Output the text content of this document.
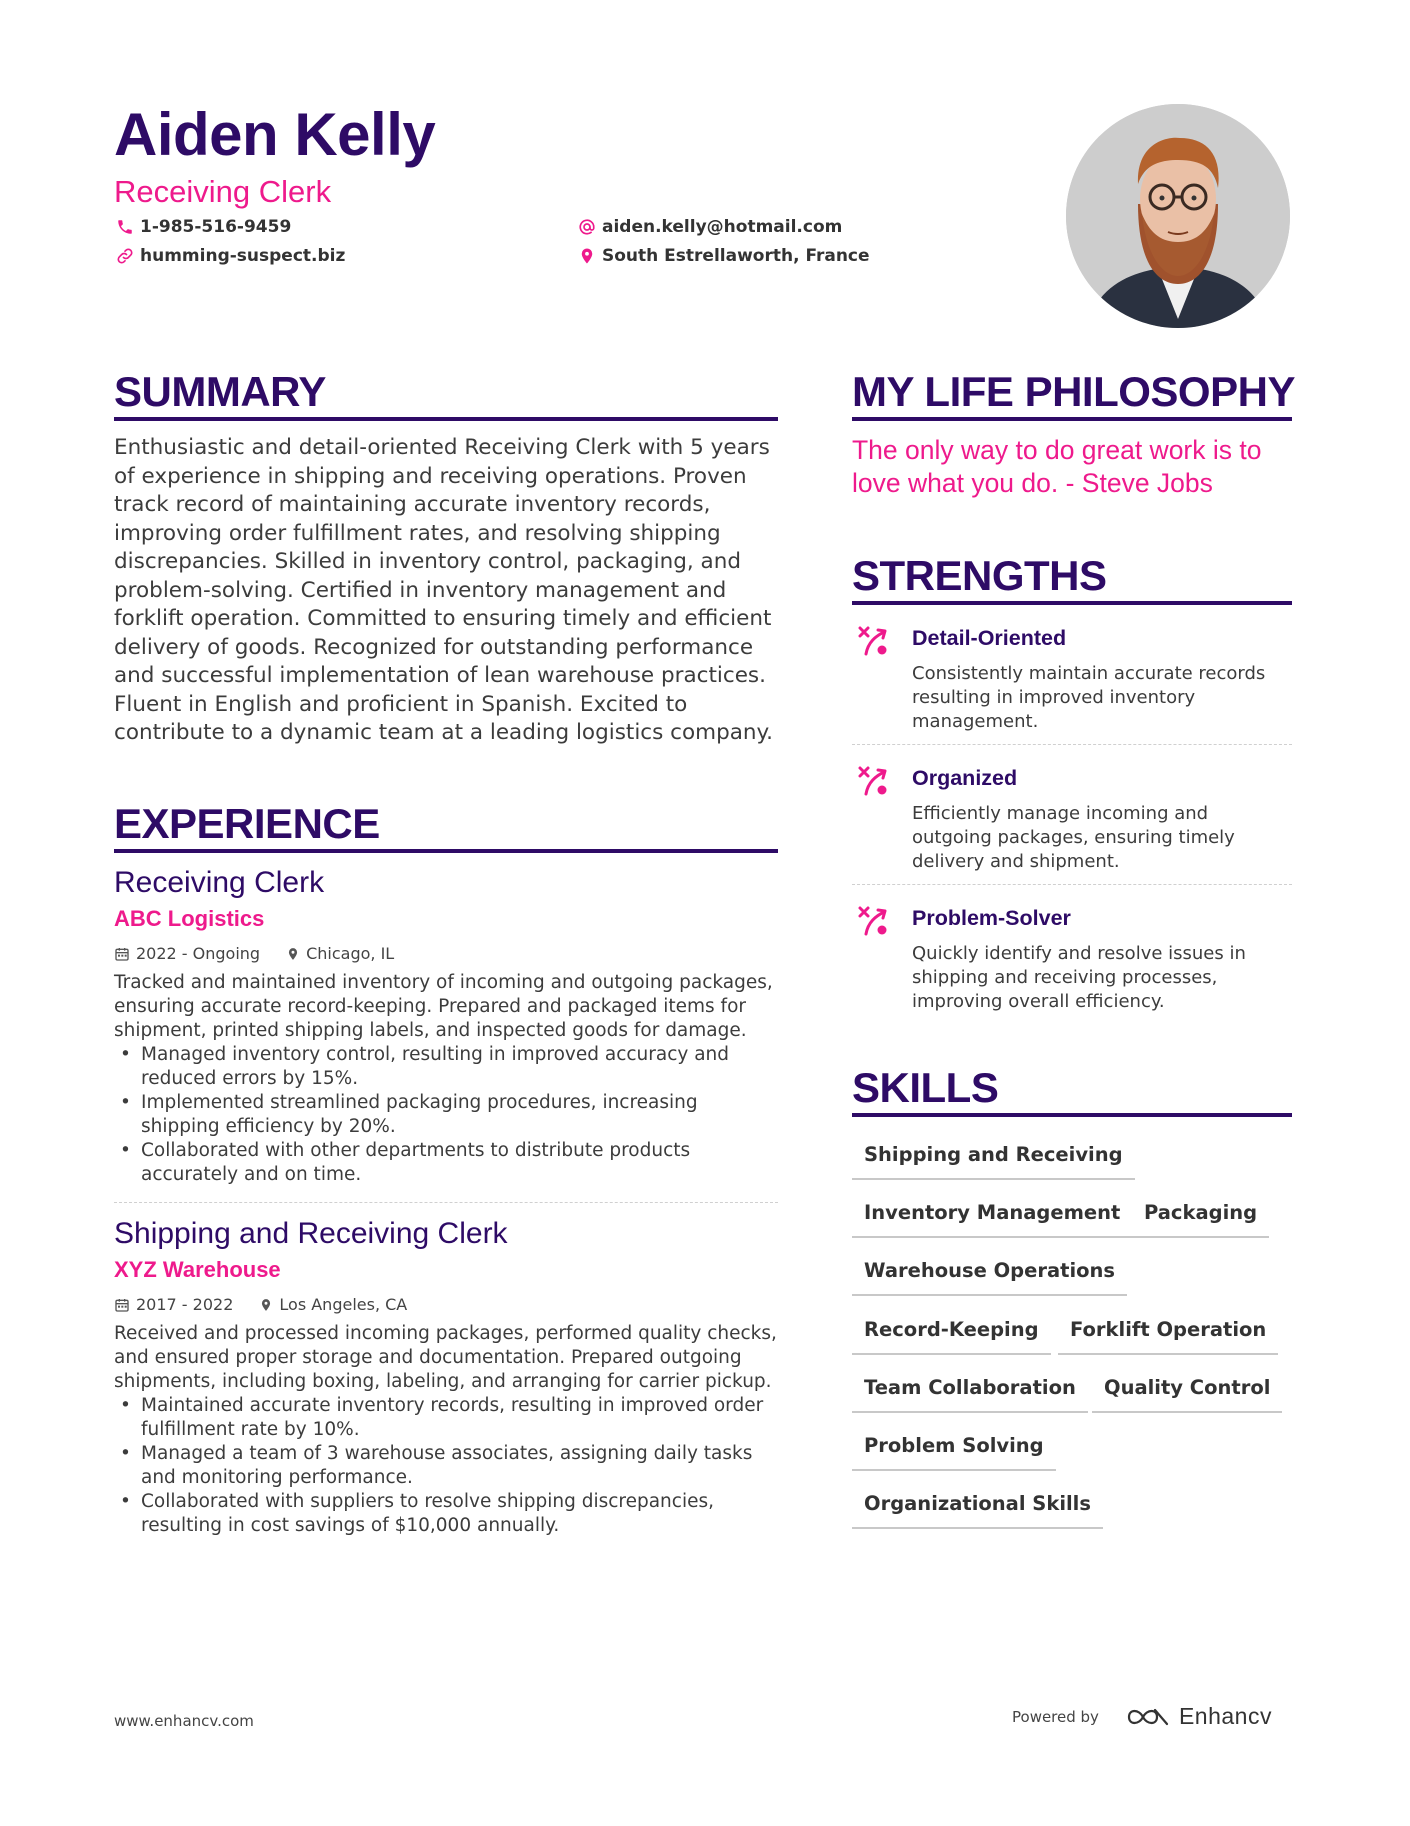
Aiden Kelly
Receiving Clerk
1-985-516-9459	aiden.kelly@hotmail.com
humming-suspect.biz	South Estrellaworth, France
SUMMARY
Enthusiastic and detail-oriented Receiving Clerk with 5 years of experience in shipping and receiving operations. Proven track record of maintaining accurate inventory records, improving order fulfillment rates, and resolving shipping discrepancies. Skilled in inventory control, packaging, and problem-solving. Certified in inventory management and forklift operation. Committed to ensuring timely and efficient delivery of goods. Recognized for outstanding performance and successful implementation of lean warehouse practices. Fluent in English and proficient in Spanish. Excited to contribute to a dynamic team at a leading logistics company.
EXPERIENCE
Receiving Clerk
ABC Logistics
2022 - Ongoing	Chicago, IL
Tracked and maintained inventory of incoming and outgoing packages, ensuring accurate record-keeping. Prepared and packaged items for shipment, printed shipping labels, and inspected goods for damage.
• Managed inventory control, resulting in improved accuracy and reduced errors by 15%.
• Implemented streamlined packaging procedures, increasing shipping efficiency by 20%.
• Collaborated with other departments to distribute products accurately and on time.
Shipping and Receiving Clerk
XYZ Warehouse
2017 - 2022	Los Angeles, CA
Received and processed incoming packages, performed quality checks, and ensured proper storage and documentation. Prepared outgoing shipments, including boxing, labeling, and arranging for carrier pickup.
• Maintained accurate inventory records, resulting in improved order fulfillment rate by 10%.
• Managed a team of 3 warehouse associates, assigning daily tasks and monitoring performance.
• Collaborated with suppliers to resolve shipping discrepancies, resulting in cost savings of $10,000 annually.
MY LIFE PHILOSOPHY
The only way to do great work is to love what you do. - Steve Jobs
STRENGTHS
Detail-Oriented
Consistently maintain accurate records resulting in improved inventory management.
Organized
Efficiently manage incoming and outgoing packages, ensuring timely delivery and shipment.
Problem-Solver
Quickly identify and resolve issues in shipping and receiving processes, improving overall efficiency.
SKILLS
Shipping and Receiving
Inventory Management	Packaging
Warehouse Operations
Record-Keeping	Forklift Operation
Team Collaboration	Quality Control
Problem Solving
Organizational Skills
www.enhancv.com	Powered by	Enhancv
